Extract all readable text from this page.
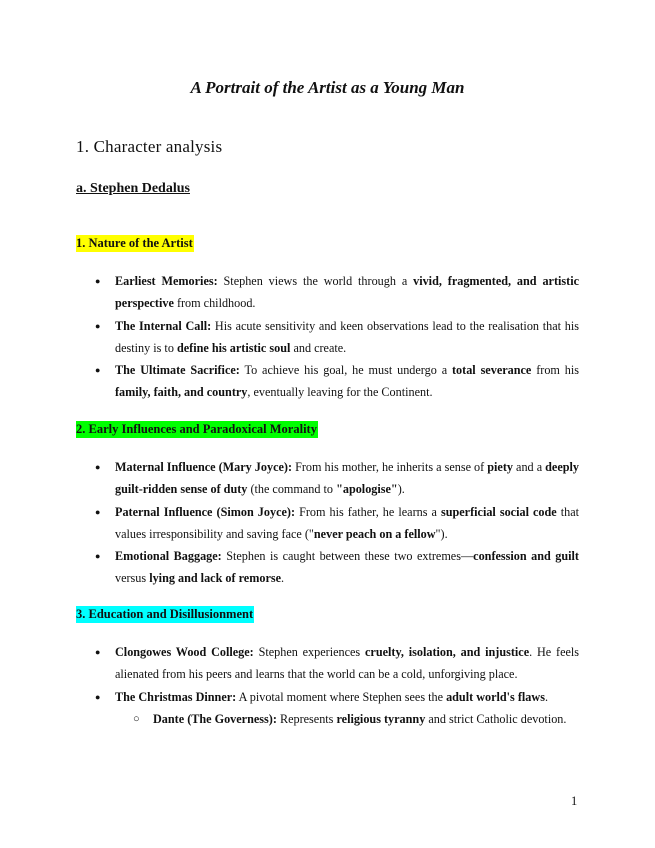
A Portrait of the Artist as a Young Man
1. Character analysis
a. Stephen Dedalus
1. Nature of the Artist
● Earliest Memories: Stephen views the world through a vivid, fragmented, and artistic perspective from childhood.
● The Internal Call: His acute sensitivity and keen observations lead to the realisation that his destiny is to define his artistic soul and create.
● The Ultimate Sacrifice: To achieve his goal, he must undergo a total severance from his family, faith, and country, eventually leaving for the Continent.
2. Early Influences and Paradoxical Morality
● Maternal Influence (Mary Joyce): From his mother, he inherits a sense of piety and a deeply guilt-ridden sense of duty (the command to "apologise").
● Paternal Influence (Simon Joyce): From his father, he learns a superficial social code that values irresponsibility and saving face ("never peach on a fellow").
● Emotional Baggage: Stephen is caught between these two extremes—confession and guilt versus lying and lack of remorse.
3. Education and Disillusionment
● Clongowes Wood College: Stephen experiences cruelty, isolation, and injustice. He feels alienated from his peers and learns that the world can be a cold, unforgiving place.
● The Christmas Dinner: A pivotal moment where Stephen sees the adult world's flaws.
○ Dante (The Governess): Represents religious tyranny and strict Catholic devotion.
1
